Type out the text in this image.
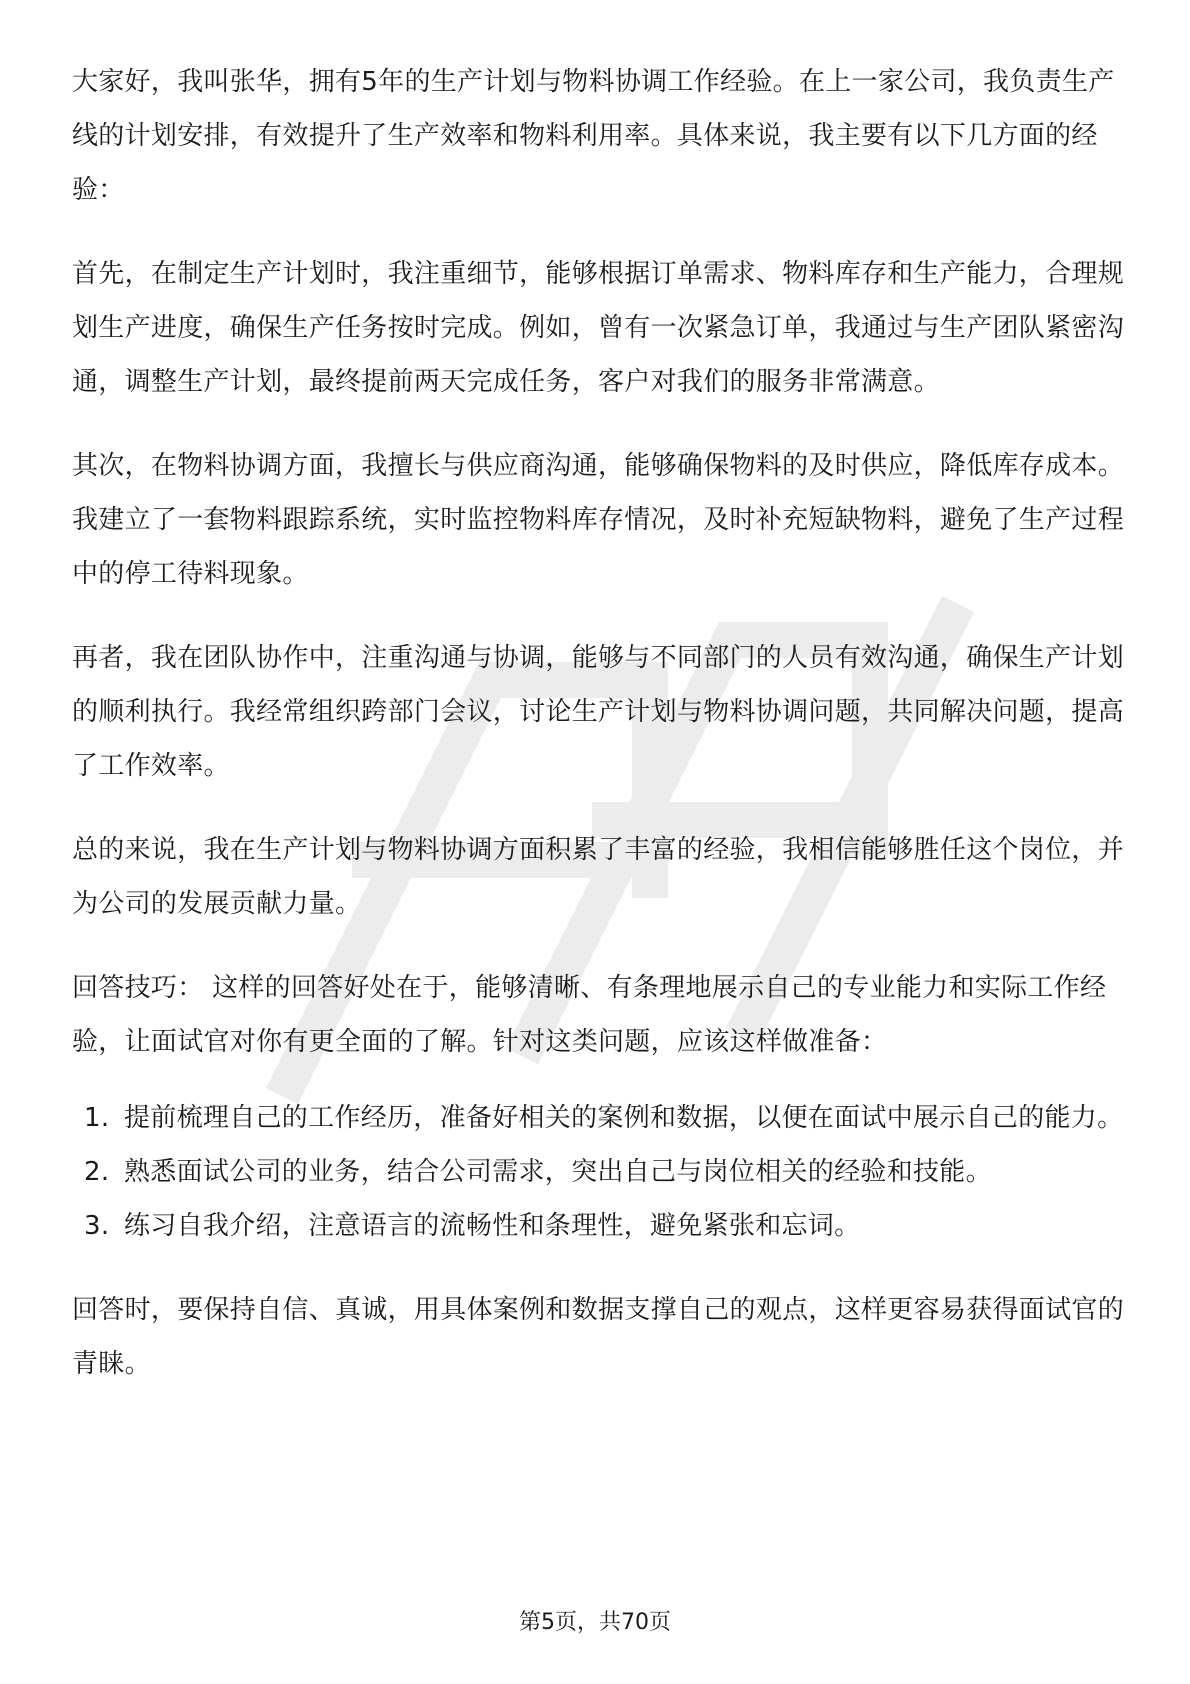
大家好，我叫张华，拥有5年的生产计划与物料协调工作经验。在上一家公司，我负责生产线的计划安排，有效提升了生产效率和物料利用率。具体来说，我主要有以下几方面的经验：

首先，在制定生产计划时，我注重细节，能够根据订单需求、物料库存和生产能力，合理规划生产进度，确保生产任务按时完成。例如，曾有一次紧急订单，我通过与生产团队紧密沟通，调整生产计划，最终提前两天完成任务，客户对我们的服务非常满意。

其次，在物料协调方面，我擅长与供应商沟通，能够确保物料的及时供应，降低库存成本。我建立了一套物料跟踪系统，实时监控物料库存情况，及时补充短缺物料，避免了生产过程中的停工待料现象。

再者，我在团队协作中，注重沟通与协调，能够与不同部门的人员有效沟通，确保生产计划的顺利执行。我经常组织跨部门会议，讨论生产计划与物料协调问题，共同解决问题，提高了工作效率。

总的来说，我在生产计划与物料协调方面积累了丰富的经验，我相信能够胜任这个岗位，并为公司的发展贡献力量。

回答技巧： 这样的回答好处在于，能够清晰、有条理地展示自己的专业能力和实际工作经验，让面试官对你有更全面的了解。针对这类问题，应该这样做准备：

1. 提前梳理自己的工作经历，准备好相关的案例和数据，以便在面试中展示自己的能力。
2. 熟悉面试公司的业务，结合公司需求，突出自己与岗位相关的经验和技能。
3. 练习自我介绍，注意语言的流畅性和条理性，避免紧张和忘词。

回答时，要保持自信、真诚，用具体案例和数据支撑自己的观点，这样更容易获得面试官的青睐。

第5页，共70页
